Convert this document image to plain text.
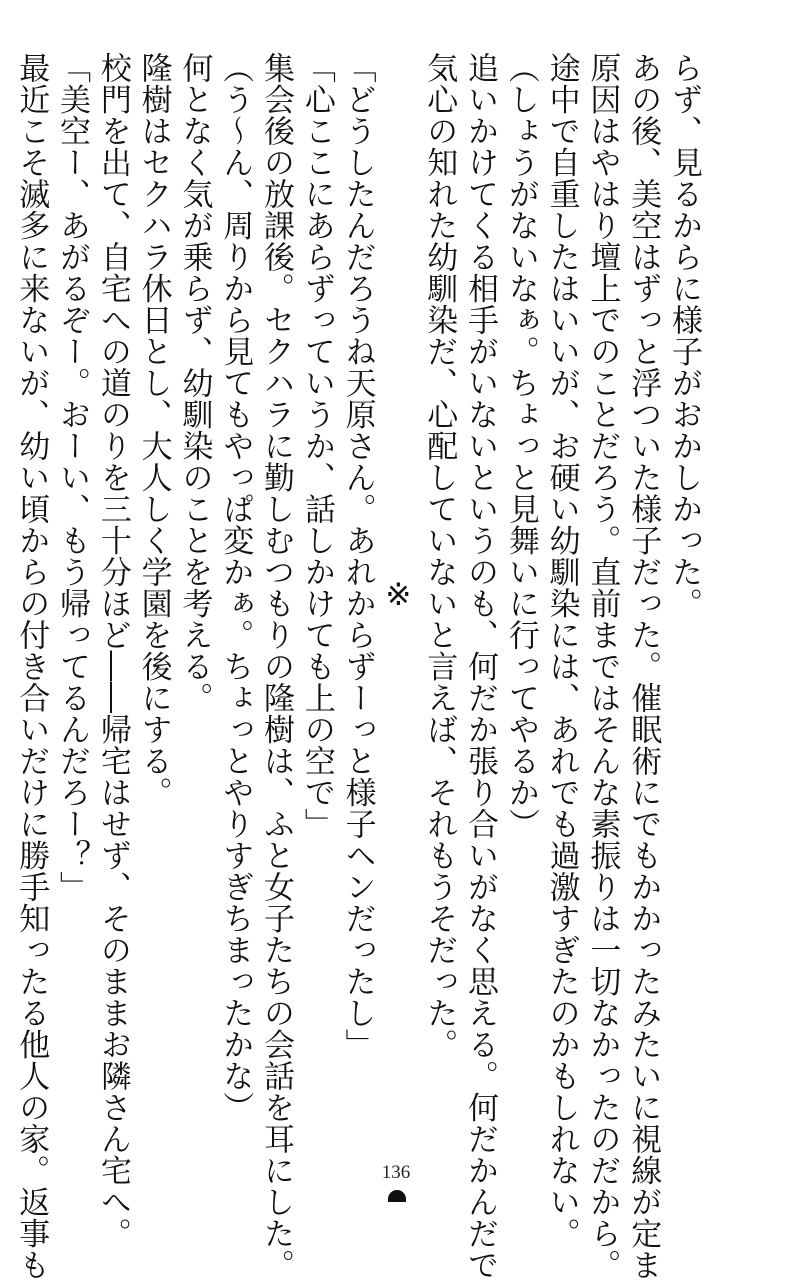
らず、見るからに様子がおかしかった。
あの後、美空はずっと浮ついた様子だった。催眠術にでもかかったみたいに視線が定ま
原因はやはり壇上でのことだろう。直前まではそんな素振りは一切なかったのだから。
途中で自重したはいいが、お硬い幼馴染には、あれでも過激すぎたのかもしれない。
（しょうがないなぁ。ちょっと見舞いに行ってやるか）
追いかけてくる相手がいないというのも、何だか張り合いがなく思える。何だかんだで
気心の知れた幼馴染だ、心配していないと言えば、それもうそだった。
※
「どうしたんだろうね天原さん。あれからずーっと様子ヘンだったし」
「心ここにあらずっていうか、話しかけても上の空で」
集会後の放課後。セクハラに勤しむつもりの隆樹は、ふと女子たちの会話を耳にした。
（う～ん、周りから見てもやっぱ変かぁ。ちょっとやりすぎちまったかな）
何となく気が乗らず、幼馴染のことを考える。
隆樹はセクハラ休日とし、大人しく学園を後にする。
校門を出て、自宅への道のりを三十分ほど――帰宅はせず、そのままお隣さん宅へ。
「美空ー、あがるぞー。おーい、もう帰ってるんだろー？」
最近こそ滅多に来ないが、幼い頃からの付き合いだけに勝手知ったる他人の家。返事も	136
